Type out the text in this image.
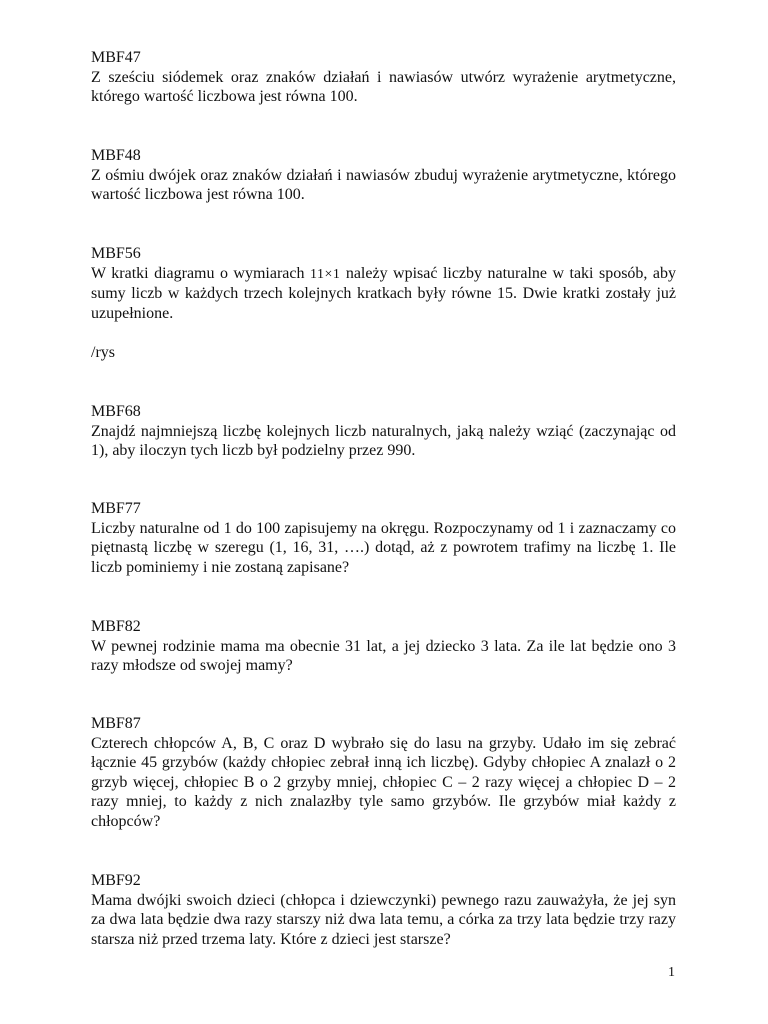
MBF47

Z sześciu siódemek oraz znaków działań i nawiasów utwórz wyrażenie arytmetyczne, którego wartość liczbowa jest równa 100.

MBF48

Z ośmiu dwójek oraz znaków działań i nawiasów zbuduj wyrażenie arytmetyczne, którego wartość liczbowa jest równa 100.

MBF56

W kratki diagramu o wymiarach 11×1 należy wpisać liczby naturalne w taki sposób, aby sumy liczb w każdych trzech kolejnych kratkach były równe 15. Dwie kratki zostały już uzupełnione.

/rys

MBF68

Znajdź najmniejszą liczbę kolejnych liczb naturalnych, jaką należy wziąć (zaczynając od 1), aby iloczyn tych liczb był podzielny przez 990.

MBF77

Liczby naturalne od 1 do 100 zapisujemy na okręgu. Rozpoczynamy od 1 i zaznaczamy co piętnastą liczbę w szeregu (1, 16, 31, ….) dotąd, aż z powrotem trafimy na liczbę 1. Ile liczb pominiemy i nie zostaną zapisane?

MBF82

W pewnej rodzinie mama ma obecnie 31 lat, a jej dziecko 3 lata. Za ile lat będzie ono 3 razy młodsze od swojej mamy?

MBF87

Czterech chłopców A, B, C oraz D wybrało się do lasu na grzyby. Udało im się zebrać łącznie 45 grzybów (każdy chłopiec zebrał inną ich liczbę). Gdyby chłopiec A znalazł o 2 grzyb więcej, chłopiec B o 2 grzyby mniej, chłopiec C – 2 razy więcej a chłopiec D – 2 razy mniej, to każdy z nich znalazłby tyle samo grzybów. Ile grzybów miał każdy z chłopców?

MBF92

Mama dwójki swoich dzieci (chłopca i dziewczynki) pewnego razu zauważyła, że jej syn za dwa lata będzie dwa razy starszy niż dwa lata temu, a córka za trzy lata będzie trzy razy starsza niż przed trzema laty. Które z dzieci jest starsze?

1
